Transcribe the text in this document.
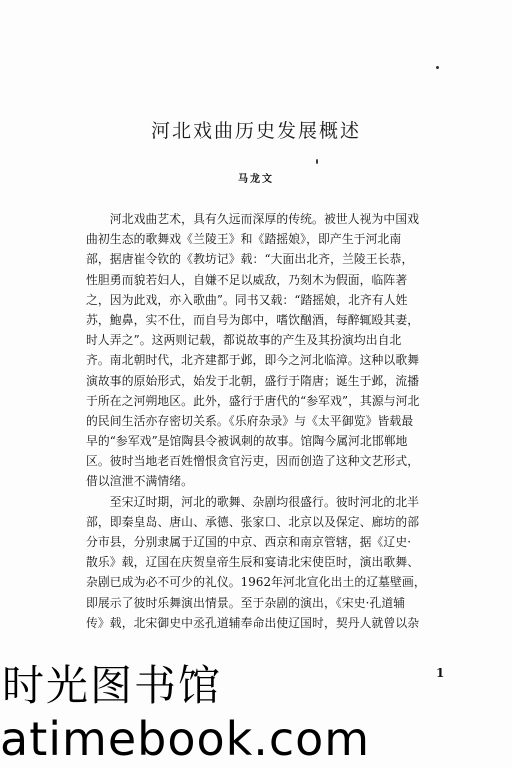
河北戏曲历史发展概述
马龙文
　　河北戏曲艺术，具有久远而深厚的传统。被世人视为中国戏
曲初生态的歌舞戏《兰陵王》和《踏摇娘》，即产生于河北南
部，据唐崔令钦的《教坊记》载：“大面出北齐，兰陵王长恭，
性胆勇而貌若妇人，自嫌不足以威敌，乃刻木为假面，临阵著
之，因为此戏，亦入歌曲”。同书又载：“踏摇娘，北齐有人姓
苏，鮑鼻，实不仕，而自号为郎中，嗜饮酗酒，每醉辄殴其妻，
时人弄之”。这两则记载，都说故事的产生及其扮演均出自北
齐。南北朝时代，北齐建都于邺，即今之河北临漳。这种以歌舞
演故事的原始形式，始发于北朝，盛行于隋唐；诞生于邺，流播
于所在之河朔地区。此外，盛行于唐代的“参军戏”，其源与河北
的民间生活亦存密切关系。《乐府杂录》与《太平御览》皆载最
早的“参军戏”是馆陶县令被讽刺的故事。馆陶今属河北邯郸地
区。彼时当地老百姓憎恨贪官污吏，因而创造了这种文艺形式，
借以渲泄不满情绪。
　　至宋辽时期，河北的歌舞、杂剧均很盛行。彼时河北的北半
部，即秦皇岛、唐山、承德、张家口、北京以及保定、廊坊的部
分市县，分别隶属于辽国的中京、西京和南京管辖，据《辽史·
散乐》载，辽国在庆贺皇帝生辰和宴请北宋使臣时，演出歌舞、
杂剧已成为必不可少的礼仪。1962年河北宣化出土的辽墓壁画，
即展示了彼时乐舞演出情景。至于杂剧的演出，《宋史·孔道辅
传》载，北宋御史中丞孔道辅奉命出使辽国时，契丹人就曾以杂
1
时光图书馆
atimebook.com
